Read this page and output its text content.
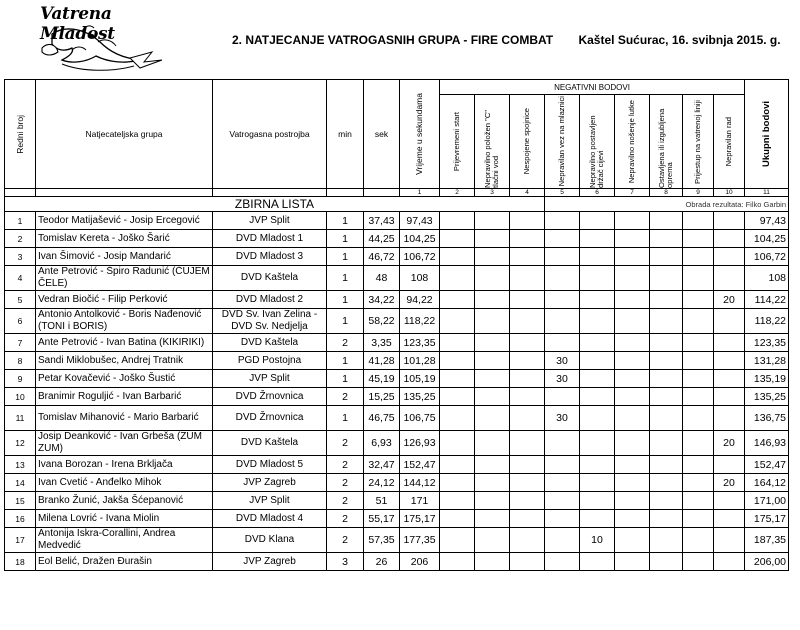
Vatrena Mladost	2. NATJECANJE VATROGASNIH GRUPA - FIRE COMBAT Kaštel Sućurac, 16. svibnja 2015. g.
Redni broj	Natjecateljska grupa	Vatrogasna postrojba	min	sek	Vrijeme u sekundama	NEGATIVNI BODOVI									Ukupni bodovi	

						Prijevremeni start	Nepravilno položen "C" tlačni vod	Nespojene spojnice	Nepravilan vez na mlaznici	Nepravilno postavljen držač cijevi	Nepravilno nošenje lutke	Ostavljena ili izgubljena oprema	Prijestup na vatrenoj liniji	Nepravilan rad		

					1	2	3	4	5	6	7	8	9	10	11	
ZBIRNA LISTA									Obrada rezultata: Filko Garbin							
1	Teodor Matijašević - Josip Ercegović	JVP Split	1	37,43	97,43										97,43	
2	Tomislav Kereta - Joško Šarić	DVD Mladost 1	1	44,25	104,25										104,25	
3	Ivan Šimović - Josip Mandarić	DVD Mladost 3	1	46,72	106,72										106,72	
4	Ante Petrović - Špiro Radunić (ČUJEM ČELE)	DVD Kaštela	1	48	108										108	
5	Vedran Biočić - Filip Perković	DVD Mladost 2	1	34,22	94,22									20	114,22	
6	Antonio Antolković - Boris Nađenović (TONI i BORIS)	DVD Sv. Ivan Zelina - DVD Sv. Nedjelja	1	58,22	118,22										118,22	
7	Ante Petrović - Ivan Batina (KIKIRIKI)	DVD Kaštela	2	3,35	123,35										123,35	
8	Sandi Miklobušec, Andrej Tratnik	PGD Postojna	1	41,28	101,28				30						131,28	
9	Petar Kovačević - Joško Šustić	JVP Split	1	45,19	105,19				30						135,19	
10	Branimir Roguljić - Ivan Barbarić	DVD Žrnovnica	2	15,25	135,25										135,25	
11	Tomislav Mihanović - Mario Barbarić	DVD Žrnovnica	1	46,75	106,75				30						136,75	
12	Josip Deanković - Ivan Grbeša (ZUM ZUM)	DVD Kaštela	2	6,93	126,93									20	146,93	
13	Ivana Borozan - Irena Brkljača	DVD Mladost 5	2	32,47	152,47										152,47	
14	Ivan Cvetić - Anđelko Mihok	JVP Zagreb	2	24,12	144,12									20	164,12	
15	Branko Žunić, Jakša Šćepanović	JVP Split	2	51	171										171,00	
16	Milena Lovrić - Ivana Miolin	DVD Mladost 4	2	55,17	175,17										175,17	
17	Antonija Iskra-Corallini, Andrea Medvedić	DVD Klana	2	57,35	177,35					10					187,35	
18	Eol Belić, Dražen Đurašin	JVP Zagreb	3	26	206										206,00	
